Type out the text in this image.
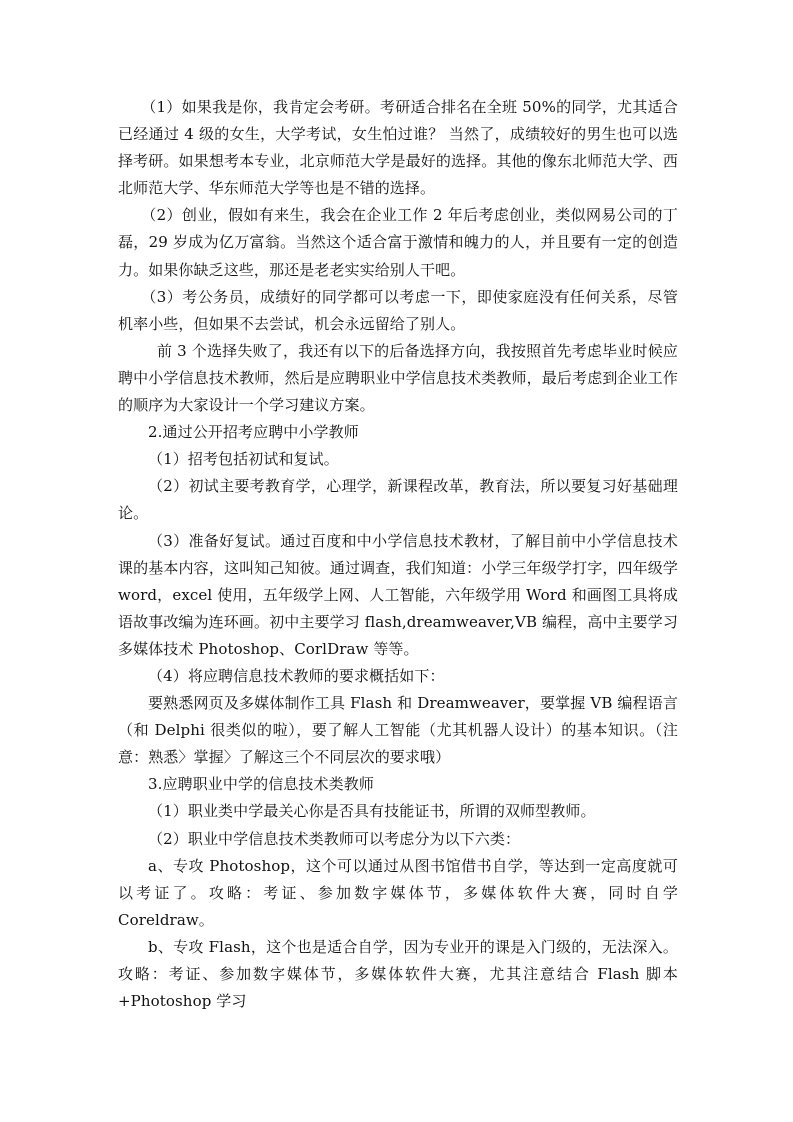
（1）如果我是你，我肯定会考研。考研适合排名在全班 50%的同学，尤其适合已经通过 4 级的女生，大学考试，女生怕过谁？ 当然了，成绩较好的男生也可以选择考研。如果想考本专业，北京师范大学是最好的选择。其他的像东北师范大学、西北师范大学、华东师范大学等也是不错的选择。

（2）创业，假如有来生，我会在企业工作 2 年后考虑创业，类似网易公司的丁磊，29 岁成为亿万富翁。当然这个适合富于激情和魄力的人，并且要有一定的创造力。如果你缺乏这些，那还是老老实实给别人干吧。

（3）考公务员，成绩好的同学都可以考虑一下，即使家庭没有任何关系，尽管机率小些，但如果不去尝试，机会永远留给了别人。

前 3 个选择失败了，我还有以下的后备选择方向，我按照首先考虑毕业时候应聘中小学信息技术教师，然后是应聘职业中学信息技术类教师，最后考虑到企业工作的顺序为大家设计一个学习建议方案。

2.通过公开招考应聘中小学教师

（1）招考包括初试和复试。

（2）初试主要考教育学，心理学，新课程改革，教育法，所以要复习好基础理论。

（3）准备好复试。通过百度和中小学信息技术教材，了解目前中小学信息技术课的基本内容，这叫知己知彼。通过调查，我们知道：小学三年级学打字，四年级学 word，excel 使用，五年级学上网、人工智能，六年级学用 Word 和画图工具将成语故事改编为连环画。初中主要学习 flash,dreamweaver,VB 编程，高中主要学习多媒体技术 Photoshop、CorlDraw 等等。

（4）将应聘信息技术教师的要求概括如下：

要熟悉网页及多媒体制作工具 Flash 和 Dreamweaver，要掌握 VB 编程语言（和 Delphi 很类似的啦），要了解人工智能（尤其机器人设计）的基本知识。（注意：熟悉〉掌握〉了解这三个不同层次的要求哦）

3.应聘职业中学的信息技术类教师

（1）职业类中学最关心你是否具有技能证书，所谓的双师型教师。

（2）职业中学信息技术类教师可以考虑分为以下六类：

a、专攻 Photoshop，这个可以通过从图书馆借书自学，等达到一定高度就可以考证了。攻略：考证、参加数字媒体节，多媒体软件大赛，同时自学Coreldraw。

b、专攻 Flash，这个也是适合自学，因为专业开的课是入门级的，无法深入。攻略：考证、参加数字媒体节，多媒体软件大赛，尤其注意结合 Flash 脚本+Photoshop 学习
